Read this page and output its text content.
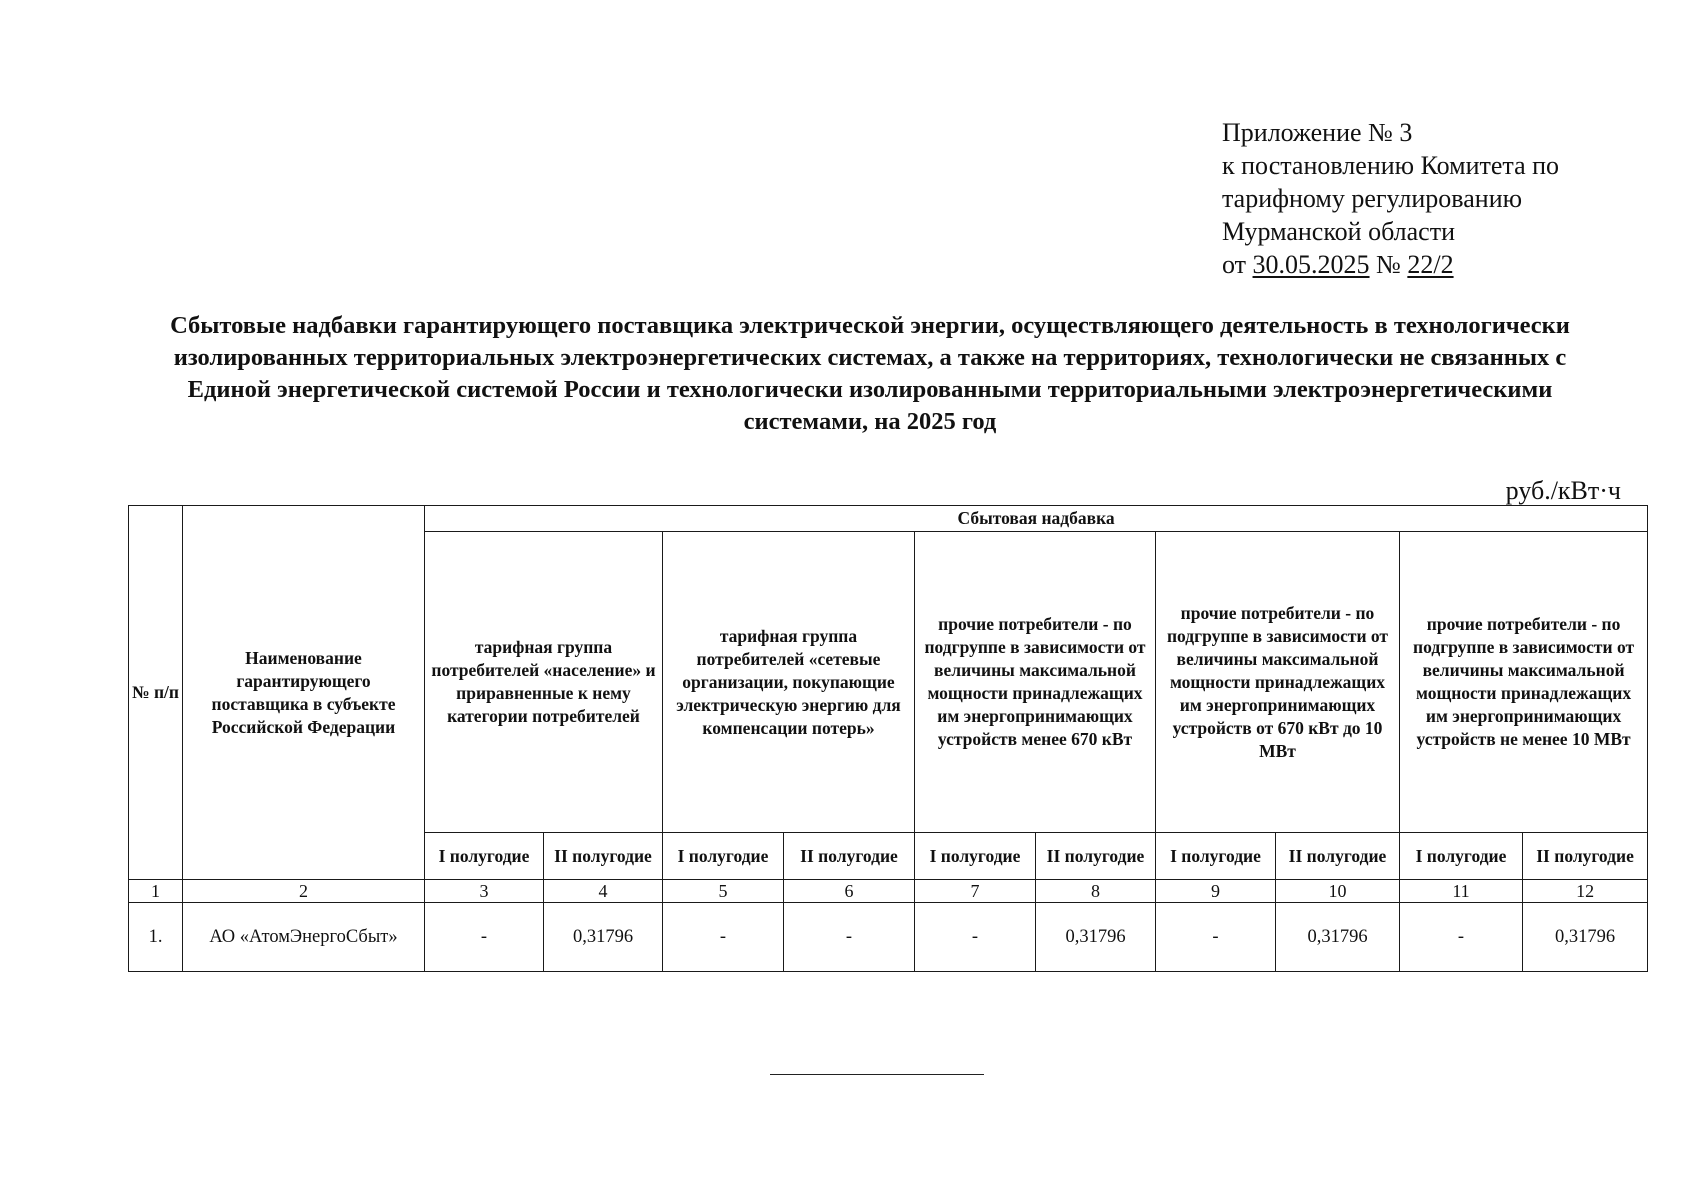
Приложение № 3
к постановлению Комитета по
тарифному регулированию
Мурманской области
от 30.05.2025 № 22/2
Сбытовые надбавки гарантирующего поставщика электрической энергии, осуществляющего деятельность в технологически изолированных территориальных электроэнергетических системах, а также на территориях, технологически не связанных с Единой энергетической системой России и технологически изолированными территориальными электроэнергетическими системами, на 2025 год
руб./кВт·ч
№ п/п	Наименование гарантирующего поставщика в субъекте Российской Федерации	Сбытовая надбавка									
		тарифная группа потребителей «население» и приравненные к нему категории потребителей		тарифная группа потребителей «сетевые организации, покупающие электрическую энергию для компенсации потерь»		прочие потребители - по подгруппе в зависимости от величины максимальной мощности принадлежащих им энергопринимающих устройств менее 670 кВт		прочие потребители - по подгруппе в зависимости от величины максимальной мощности принадлежащих им энергопринимающих устройств от 670 кВт до 10 МВт		прочие потребители - по подгруппе в зависимости от величины максимальной мощности принадлежащих им энергопринимающих устройств не менее 10 МВт	
		I полугодие	II полугодие	I полугодие	II полугодие	I полугодие	II полугодие	I полугодие	II полугодие	I полугодие	II полугодие
1	2	3	4	5	6	7	8	9	10	11	12
1.	АО «АтомЭнергоСбыт»	-	0,31796	-	-	-	0,31796	-	0,31796	-	0,31796
